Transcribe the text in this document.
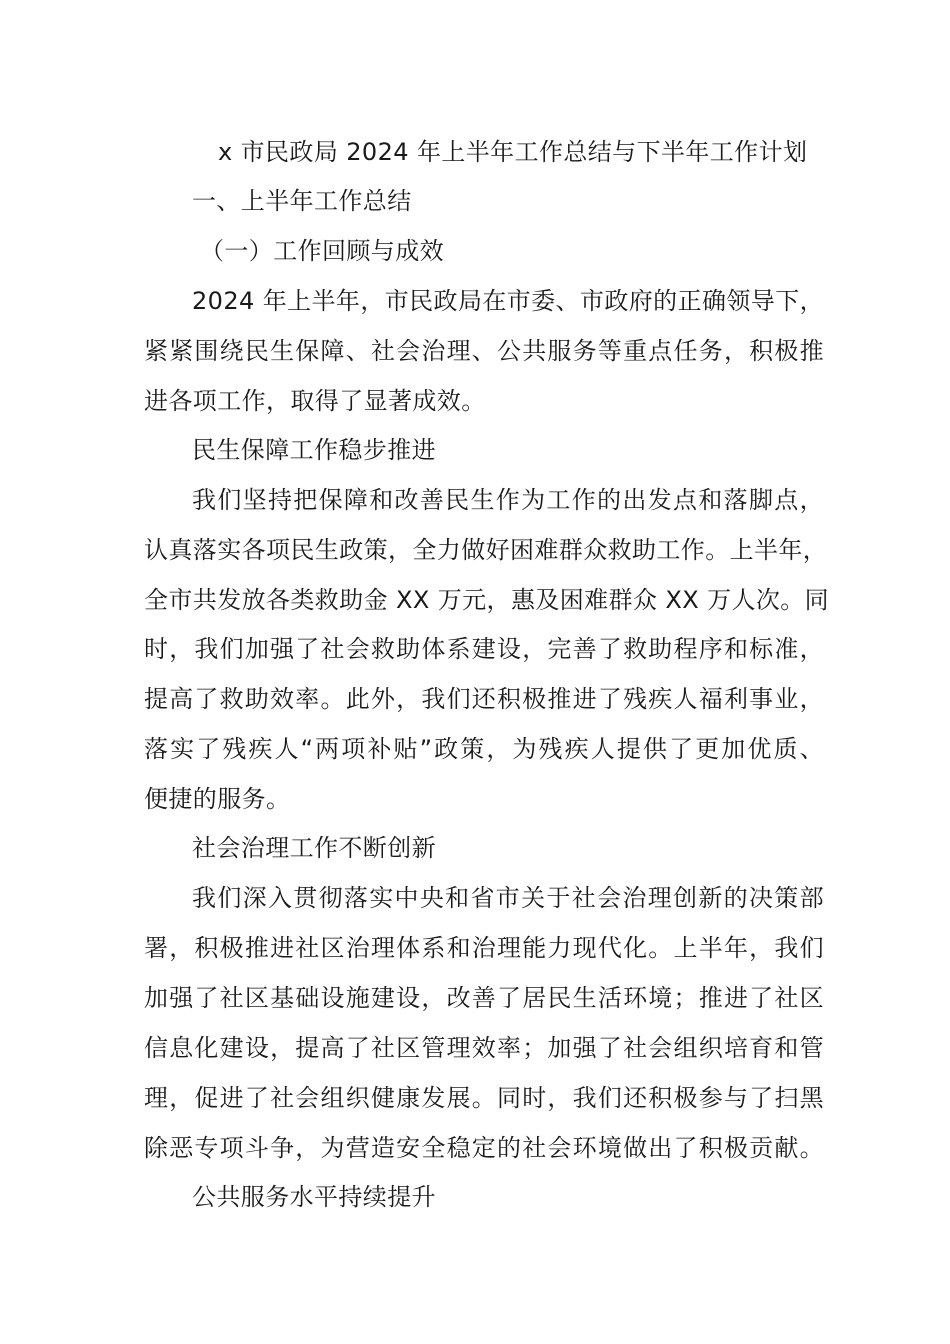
x 市民政局 2024 年上半年工作总结与下半年工作计划
一、上半年工作总结
（一）工作回顾与成效
2024 年上半年，市民政局在市委、市政府的正确领导下，
紧紧围绕民生保障、社会治理、公共服务等重点任务，积极推
进各项工作，取得了显著成效。
民生保障工作稳步推进
我们坚持把保障和改善民生作为工作的出发点和落脚点，
认真落实各项民生政策，全力做好困难群众救助工作。上半年，
全市共发放各类救助金 XX 万元，惠及困难群众 XX 万人次。同
时，我们加强了社会救助体系建设，完善了救助程序和标准，
提高了救助效率。此外，我们还积极推进了残疾人福利事业，
落实了残疾人“两项补贴”政策，为残疾人提供了更加优质、
便捷的服务。
社会治理工作不断创新
我们深入贯彻落实中央和省市关于社会治理创新的决策部
署，积极推进社区治理体系和治理能力现代化。上半年，我们
加强了社区基础设施建设，改善了居民生活环境；推进了社区
信息化建设，提高了社区管理效率；加强了社会组织培育和管
理，促进了社会组织健康发展。同时，我们还积极参与了扫黑
除恶专项斗争，为营造安全稳定的社会环境做出了积极贡献。
公共服务水平持续提升
